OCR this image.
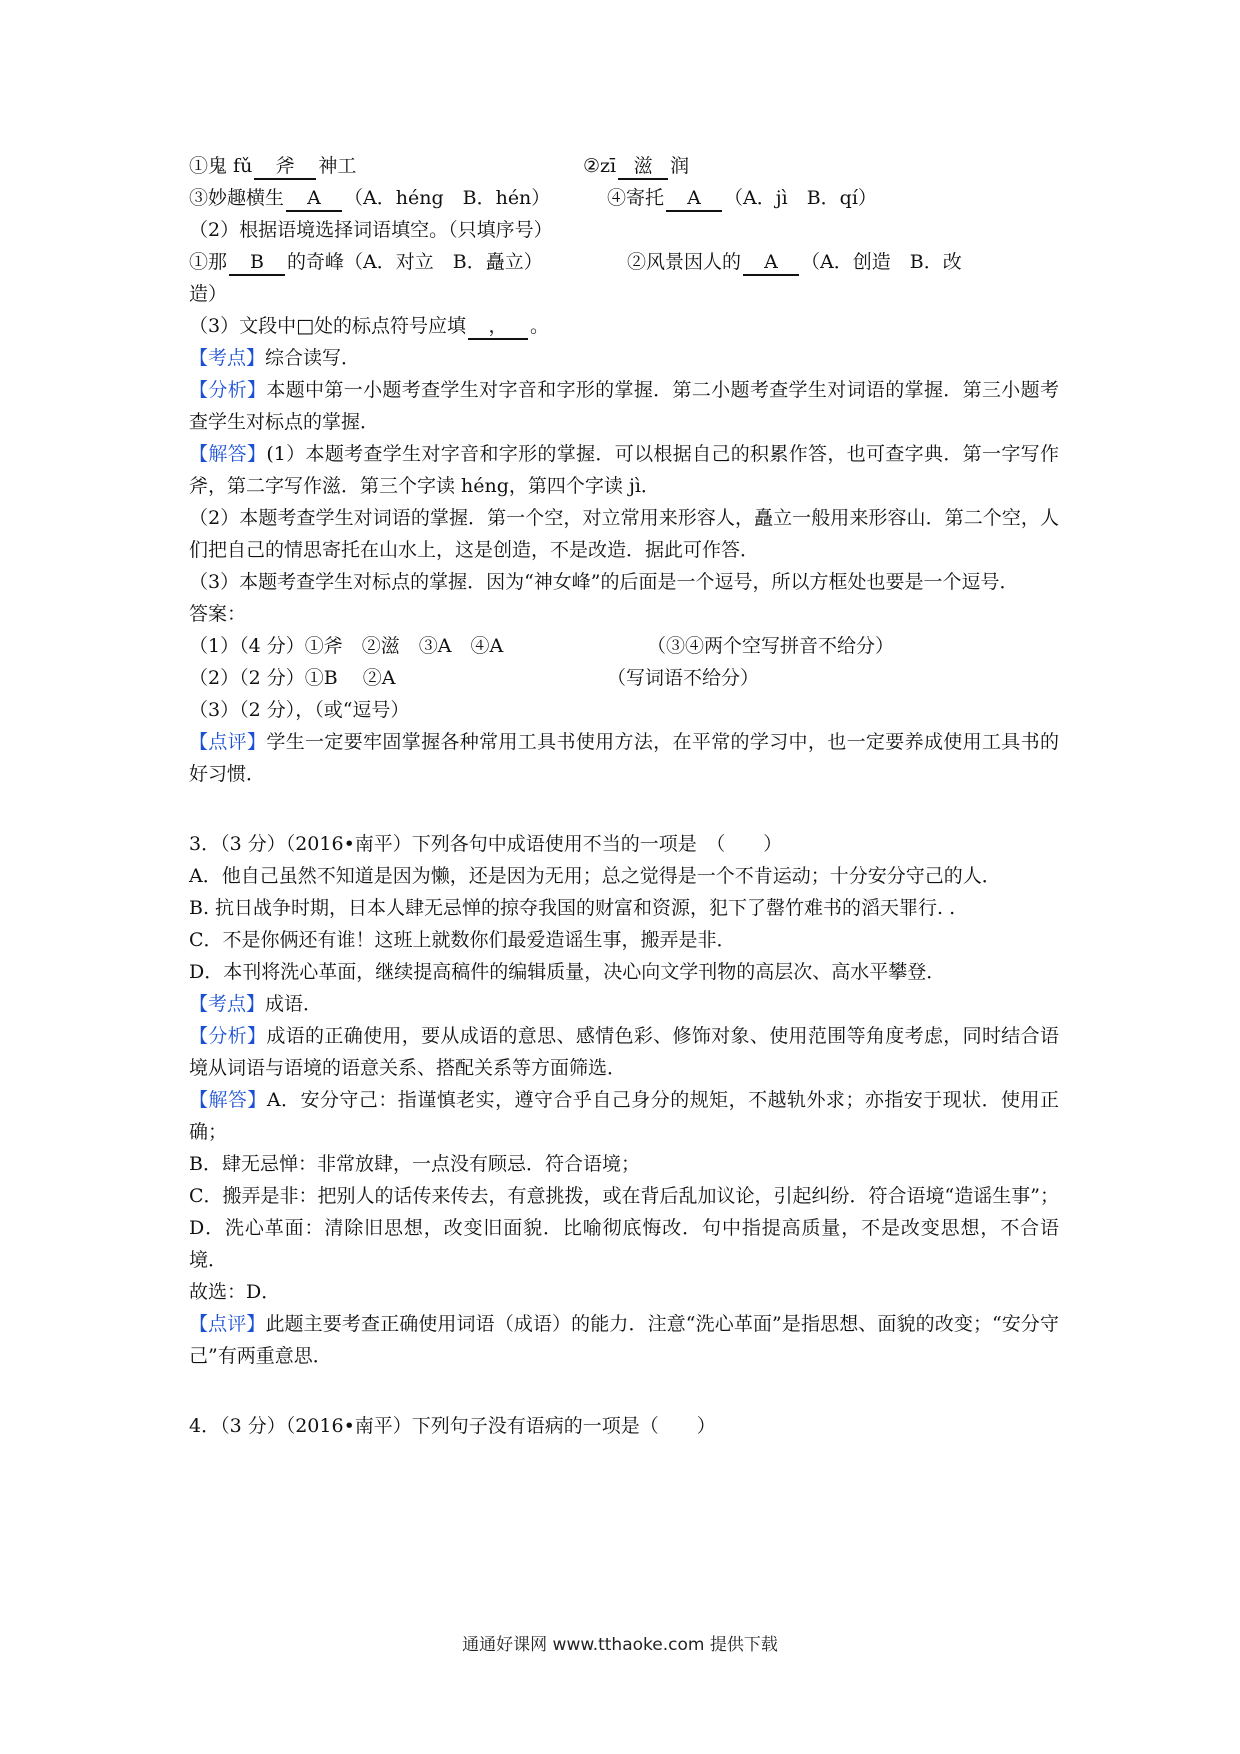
①鬼 fǔ 斧 神工	②zī 滋 润
③妙趣横生 A （A．héng　B．hén）	④寄托 A （A．jì　B．qí）
（2）根据语境选择词语填空。（只填序号）
①那 B 的奇峰（A．对立　B．矗立）	②风景因人的 A （A．创造　B．改
造）
（3）文段中□处的标点符号应填 ， 。
【考点】综合读写．
【分析】本题中第一小题考查学生对字音和字形的掌握．第二小题考查学生对词语的掌握．第三小题考查学生对标点的掌握．
【解答】(1）本题考查学生对字音和字形的掌握．可以根据自己的积累作答，也可查字典．第一字写作斧，第二字写作滋．第三个字读 héng，第四个字读 jì．
（2）本题考查学生对词语的掌握．第一个空，对立常用来形容人，矗立一般用来形容山．第二个空，人们把自己的情思寄托在山水上，这是创造，不是改造．据此可作答．
（3）本题考查学生对标点的掌握．因为“神女峰”的后面是一个逗号，所以方框处也要是一个逗号．
答案：
（1）（4 分）①斧　②滋　③A　④A	（③④两个空写拼音不给分）
（2）（2 分）①B　 ②A	（写词语不给分）
（3）（2 分），（或“逗号）
【点评】学生一定要牢固掌握各种常用工具书使用方法，在平常的学习中，也一定要养成使用工具书的好习惯．
3．（3 分）（2016•南平）下列各句中成语使用不当的一项是　（　　）
A．他自己虽然不知道是因为懒，还是因为无用；总之觉得是一个不肯运动；十分安分守己的人．
B. 抗日战争时期，日本人肆无忌惮的掠夺我国的财富和资源，犯下了罄竹难书的滔天罪行. .
C．不是你俩还有谁！这班上就数你们最爱造谣生事，搬弄是非．
D．本刊将洗心革面，继续提高稿件的编辑质量，决心向文学刊物的高层次、高水平攀登．
【考点】成语．
【分析】成语的正确使用，要从成语的意思、感情色彩、修饰对象、使用范围等角度考虑，同时结合语境从词语与语境的语意关系、搭配关系等方面筛选．
【解答】A．安分守己：指谨慎老实，遵守合乎自己身分的规矩，不越轨外求；亦指安于现状．使用正确；
B．肆无忌惮：非常放肆，一点没有顾忌．符合语境；
C．搬弄是非：把别人的话传来传去，有意挑拨，或在背后乱加议论，引起纠纷．符合语境“造谣生事”；
D．洗心革面：清除旧思想，改变旧面貌．比喻彻底悔改．句中指提高质量，不是改变思想，不合语境．
故选：D．
【点评】此题主要考查正确使用词语（成语）的能力．注意“洗心革面”是指思想、面貌的改变；“安分守己”有两重意思．
4．（3 分）（2016•南平）下列句子没有语病的一项是（　　）
通通好课网 www.tthaoke.com 提供下载
